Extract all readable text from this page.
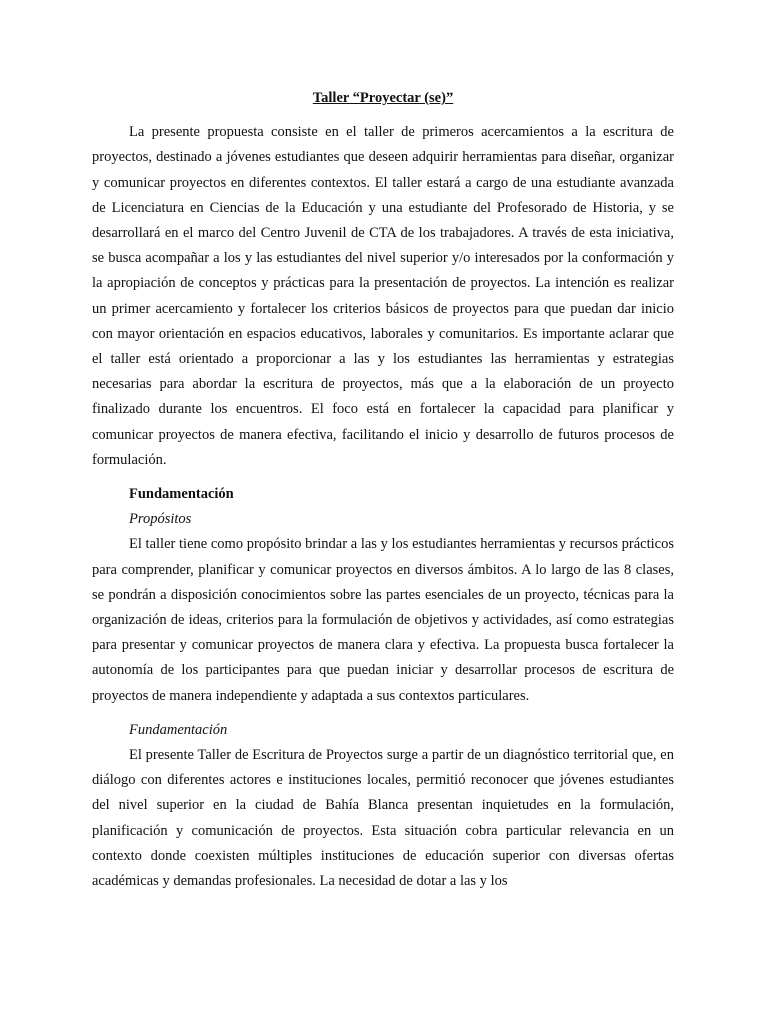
Taller “Proyectar (se)”

La presente propuesta consiste en el taller de primeros acercamientos a la escritura de proyectos, destinado a jóvenes estudiantes que deseen adquirir herramientas para diseñar, organizar y comunicar proyectos en diferentes contextos. El taller estará a cargo de una estudiante avanzada de Licenciatura en Ciencias de la Educación y una estudiante del Profesorado de Historia, y se desarrollará en el marco del Centro Juvenil de CTA de los trabajadores. A través de esta iniciativa, se busca acompañar a los y las estudiantes del nivel superior y/o interesados por la conformación y la apropiación de conceptos y prácticas para la presentación de proyectos. La intención es realizar un primer acercamiento y fortalecer los criterios básicos de proyectos para que puedan dar inicio con mayor orientación en espacios educativos, laborales y comunitarios. Es importante aclarar que el taller está orientado a proporcionar a las y los estudiantes las herramientas y estrategias necesarias para abordar la escritura de proyectos, más que a la elaboración de un proyecto finalizado durante los encuentros. El foco está en fortalecer la capacidad para planificar y comunicar proyectos de manera efectiva, facilitando el inicio y desarrollo de futuros procesos de formulación.

Fundamentación

Propósitos

El taller tiene como propósito brindar a las y los estudiantes herramientas y recursos prácticos para comprender, planificar y comunicar proyectos en diversos ámbitos. A lo largo de las 8 clases, se pondrán a disposición conocimientos sobre las partes esenciales de un proyecto, técnicas para la organización de ideas, criterios para la formulación de objetivos y actividades, así como estrategias para presentar y comunicar proyectos de manera clara y efectiva. La propuesta busca fortalecer la autonomía de los participantes para que puedan iniciar y desarrollar procesos de escritura de proyectos de manera independiente y adaptada a sus contextos particulares.

Fundamentación

El presente Taller de Escritura de Proyectos surge a partir de un diagnóstico territorial que, en diálogo con diferentes actores e instituciones locales, permitió reconocer que jóvenes estudiantes del nivel superior en la ciudad de Bahía Blanca presentan inquietudes en la formulación, planificación y comunicación de proyectos. Esta situación cobra particular relevancia en un contexto donde coexisten múltiples instituciones de educación superior con diversas ofertas académicas y demandas profesionales. La necesidad de dotar a las y los
